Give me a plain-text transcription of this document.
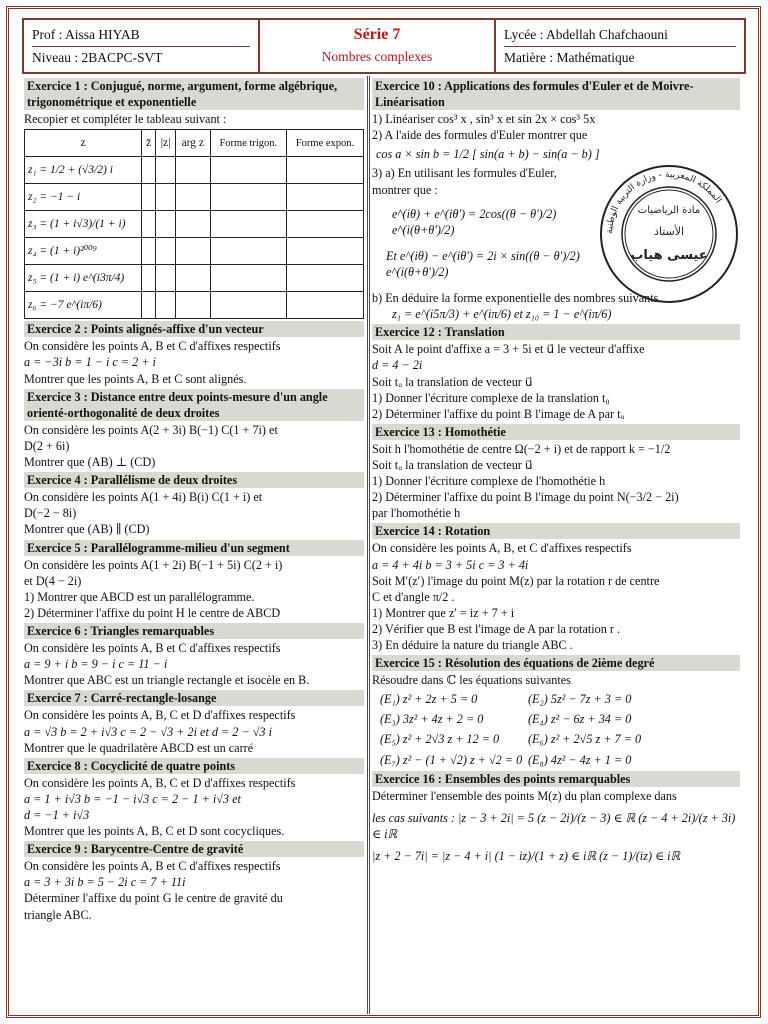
Prof : Aissa HIYAB
Niveau : 2BACPC-SVT
Série 7
Nombres complexes
Lycée : Abdellah Chafchaouni
Matière : Mathématique
Exercice 1 : Conjugué, norme, argument, forme algébrique, trigonométrique et exponentielle

Recopier et compléter le tableau suivant :

z	z̄	|z|	arg z	Forme trigon.	Forme expon.
z₁ = 1/2 + (√3/2) i					
z₂ = −1 − i					
z₃ = (1 + i√3)/(1 + i)					
z₄ = (1 + i)²⁰⁰⁹					
z₅ = (1 + i) e^(i3π/4)					
z₆ = −7 e^(iπ/6)					
Exercice 2 : Points alignés-affixe d'un vecteur

On considère les points A, B et C d'affixes respectifs

a = −3i b = 1 − i c = 2 + i

Montrer que les points A, B et C sont alignés.

Exercice 3 : Distance entre deux points-mesure d'un angle orienté-orthogonalité de deux droites

On considère les points A(2 + 3i) B(−1) C(1 + 7i) et

D(2 + 6i)

Montrer que (AB) ⊥ (CD)

Exercice 4 : Parallélisme de deux droites

On considère les points A(1 + 4i) B(i) C(1 + i) et

D(−2 − 8i)

Montrer que (AB) ∥ (CD)

Exercice 5 : Parallélogramme-milieu d'un segment

On considère les points A(1 + 2i) B(−1 + 5i) C(2 + i)

et D(4 − 2i)

1) Montrer que ABCD est un parallélogramme.

2) Déterminer l'affixe du point H le centre de ABCD

Exercice 6 : Triangles remarquables

On considère les points A, B et C d'affixes respectifs

a = 9 + i b = 9 − i c = 11 − i

Montrer que ABC est un triangle rectangle et isocèle en B.

Exercice 7 : Carré-rectangle-losange

On considère les points A, B, C et D d'affixes respectifs

a = √3 b = 2 + i√3 c = 2 − √3 + 2i et d = 2 − √3 i

Montrer que le quadrilatère ABCD est un carré

Exercice 8 : Cocyclicité de quatre points

On considère les points A, B, C et D d'affixes respectifs

a = 1 + i√3 b = −1 − i√3 c = 2 − 1 + i√3 et

d = −1 + i√3

Montrer que les points A, B, C et D sont cocycliques.

Exercice 9 : Barycentre-Centre de gravité

On considère les points A, B et C d'affixes respectifs

a = 3 + 3i b = 5 − 2i c = 7 + 11i

Déterminer l'affixe du point G le centre de gravité du

triangle ABC.

Exercice 10 : Applications des formules d'Euler et de Moivre-Linéarisation

1) Linéariser cos³ x , sin³ x et sin 2x × cos³ 5x

2) A l'aide des formules d'Euler montrer que

cos a × sin b = 1/2 [ sin(a + b) − sin(a − b) ]

3) a) En utilisant les formules d'Euler,

montrer que :

e^(iθ) + e^(iθ') = 2cos((θ − θ')/2) e^(i(θ+θ')/2)

Et e^(iθ) − e^(iθ') = 2i × sin((θ − θ')/2) e^(i(θ+θ')/2)

b) En déduire la forme exponentielle des nombres suivants

z₁ = e^(i5π/3) + e^(iπ/6) et z₁₀ = 1 − e^(iπ/6)

Exercice 12 : Translation

Soit A le point d'affixe a = 3 + 5i et u⃗ le vecteur d'affixe

d = 4 − 2i

Soit tᵤ la translation de vecteur u⃗

1) Donner l'écriture complexe de la translation t₀

2) Déterminer l'affixe du point B l'image de A par tᵤ

Exercice 13 : Homothétie

Soit h l'homothétie de centre Ω(−2 + i) et de rapport k = −1/2

Soit tᵤ la translation de vecteur u⃗

1) Donner l'écriture complexe de l'homothétie h

2) Déterminer l'affixe du point B l'image du point N(−3/2 − 2i)

par l'homothétie h

Exercice 14 : Rotation

On considère les points A, B, et C d'affixes respectifs

a = 4 + 4i b = 3 + 5i c = 3 + 4i

Soit M′(z′) l'image du point M(z) par la rotation r de centre

C et d'angle π/2 .

1) Montrer que z′ = iz + 7 + i

2) Vérifier que B est l'image de A par la rotation r .

3) En déduire la nature du triangle ABC .

Exercice 15 : Résolution des équations de 2ième degré

Résoudre dans ℂ les équations suivantes

(E₁) z² + 2z + 5 = 0	(E₂) 5z² − 7z + 3 = 0
(E₃) 3z² + 4z + 2 = 0	(E₄) z² − 6z + 34 = 0
(E₅) z² + 2√3 z + 12 = 0	(E₆) z² + 2√5 z + 7 = 0
(E₇) z² − (1 + √2) z + √2 = 0 (E₈) 4z² − 4z + 1 = 0
Exercice 16 : Ensembles des points remarquables

Déterminer l'ensemble des points M(z) du plan complexe dans

les cas suivants : |z − 3 + 2i| = 5 (z − 2i)/(z − 3) ∈ ℝ (z − 4 + 2i)/(z + 3i) ∈ iℝ

|z + 2 − 7i| = |z − 4 + i| (1 − iz)/(1 + z) ∈ iℝ (z − 1)/(iz) ∈ iℝ

المملكة المغربية - وزارة التربية الوطنية
مادة الرياضيات
الأستاذ
عيسى هياب
